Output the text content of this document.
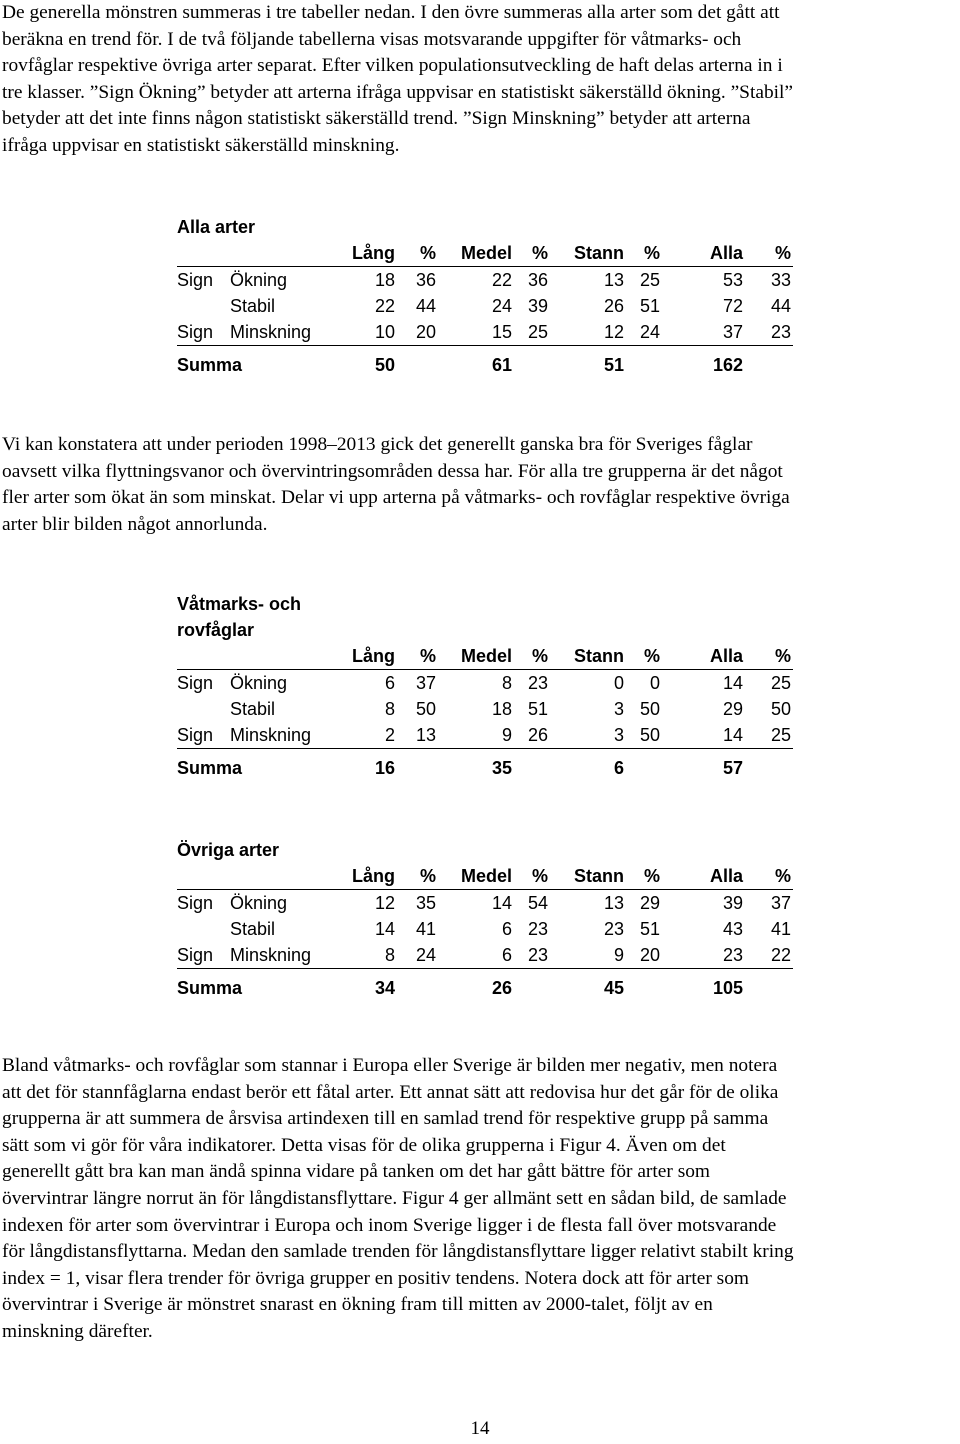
De generella mönstren summeras i tre tabeller nedan. I den övre summeras alla arter som det gått att
beräkna en trend för. I de två följande tabellerna visas motsvarande uppgifter för våtmarks- och
rovfåglar respektive övriga arter separat. Efter vilken populationsutveckling de haft delas arterna in i
tre klasser. ”Sign Ökning” betyder att arterna ifråga uppvisar en statistiskt säkerställd ökning. ”Stabil”
betyder att det inte finns någon statistiskt säkerställd trend. ”Sign Minskning” betyder att arterna
ifråga uppvisar en statistiskt säkerställd minskning.
Alla arter
		Lång	%	Medel	%	Stann	%	Alla	%
Sign	Ökning	18	36	22	36	13	25	53	33
	Stabil	22	44	24	39	26	51	72	44
Sign	Minskning	10	20	15	25	12	24	37	23
Summa		50		61		51		162	
Vi kan konstatera att under perioden 1998–2013 gick det generellt ganska bra för Sveriges fåglar
oavsett vilka flyttningsvanor och övervintringsområden dessa har. För alla tre grupperna är det något
fler arter som ökat än som minskat. Delar vi upp arterna på våtmarks- och rovfåglar respektive övriga
arter blir bilden något annorlunda.
Våtmarks- och
rovfåglar
		Lång	%	Medel	%	Stann	%	Alla	%
Sign	Ökning	6	37	8	23	0	0	14	25
	Stabil	8	50	18	51	3	50	29	50
Sign	Minskning	2	13	9	26	3	50	14	25
Summa		16		35		6		57	
Övriga arter
		Lång	%	Medel	%	Stann	%	Alla	%
Sign	Ökning	12	35	14	54	13	29	39	37
	Stabil	14	41	6	23	23	51	43	41
Sign	Minskning	8	24	6	23	9	20	23	22
Summa		34		26		45		105	
Bland våtmarks- och rovfåglar som stannar i Europa eller Sverige är bilden mer negativ, men notera
att det för stannfåglarna endast berör ett fåtal arter. Ett annat sätt att redovisa hur det går för de olika
grupperna är att summera de årsvisa artindexen till en samlad trend för respektive grupp på samma
sätt som vi gör för våra indikatorer. Detta visas för de olika grupperna i Figur 4. Även om det
generellt gått bra kan man ändå spinna vidare på tanken om det har gått bättre för arter som
övervintrar längre norrut än för långdistansflyttare. Figur 4 ger allmänt sett en sådan bild, de samlade
indexen för arter som övervintrar i Europa och inom Sverige ligger i de flesta fall över motsvarande
för långdistansflyttarna. Medan den samlade trenden för långdistansflyttare ligger relativt stabilt kring
index = 1, visar flera trender för övriga grupper en positiv tendens. Notera dock att för arter som
övervintrar i Sverige är mönstret snarast en ökning fram till mitten av 2000-talet, följt av en
minskning därefter.
14
